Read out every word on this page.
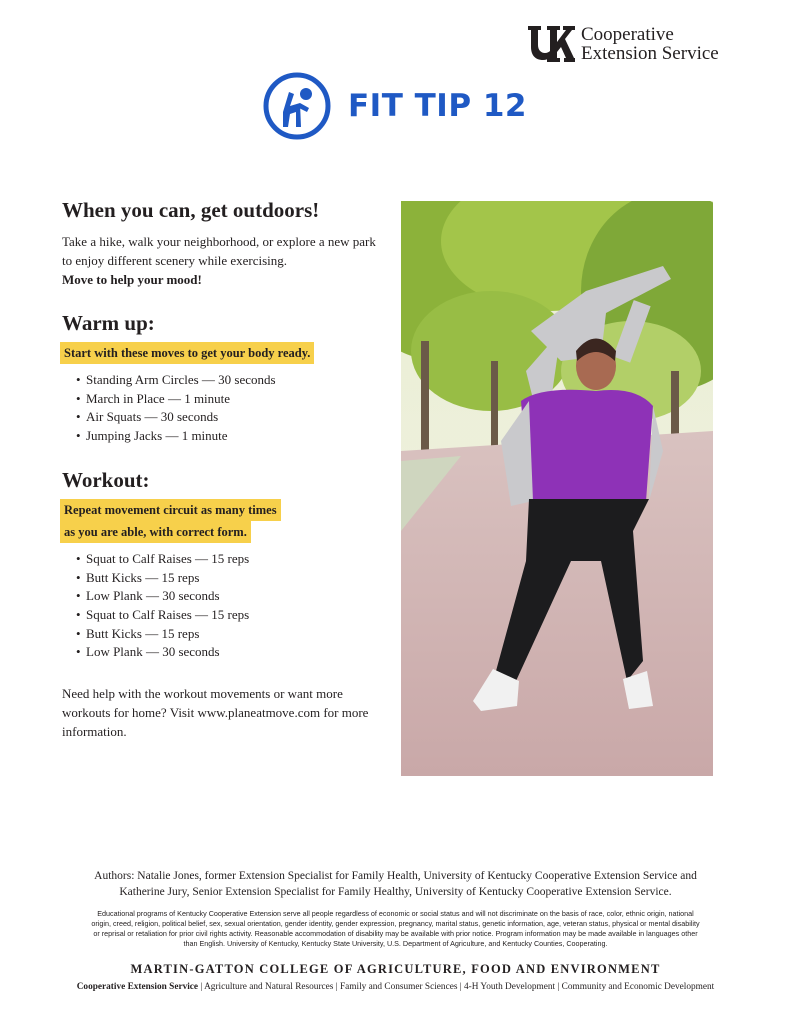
Cooperative
Extension Service
FIT TIP 12
When you can, get outdoors!

Take a hike, walk your neighborhood, or explore a new park to enjoy different scenery while exercising.
Move to help your mood!

Warm up:
Start with these moves to get your body ready.
• Standing Arm Circles — 30 seconds
• March in Place — 1 minute
• Air Squats — 30 seconds
• Jumping Jacks — 1 minute
Workout:
Repeat movement circuit as many times
as you are able, with correct form.
• Squat to Calf Raises — 15 reps
• Butt Kicks — 15 reps
• Low Plank — 30 seconds
• Squat to Calf Raises — 15 reps
• Butt Kicks — 15 reps
• Low Plank — 30 seconds

Need help with the workout movements or want more workouts for home? Visit www.planeatmove.com for more information.

Authors: Natalie Jones, former Extension Specialist for Family Health, University of Kentucky Cooperative Extension Service and
Katherine Jury, Senior Extension Specialist for Family Healthy, University of Kentucky Cooperative Extension Service.
Educational programs of Kentucky Cooperative Extension serve all people regardless of economic or social status and will not discriminate on the basis of race, color, ethnic origin, national origin, creed, religion, political belief, sex, sexual orientation, gender identity, gender expression, pregnancy, marital status, genetic information, age, veteran status, physical or mental disability or reprisal or retaliation for prior civil rights activity. Reasonable accommodation of disability may be available with prior notice. Program information may be made available in languages other than English. University of Kentucky, Kentucky State University, U.S. Department of Agriculture, and Kentucky Counties, Cooperating.
MARTIN-GATTON COLLEGE OF AGRICULTURE, FOOD AND ENVIRONMENT
Cooperative Extension Service | Agriculture and Natural Resources | Family and Consumer Sciences | 4-H Youth Development | Community and Economic Development
